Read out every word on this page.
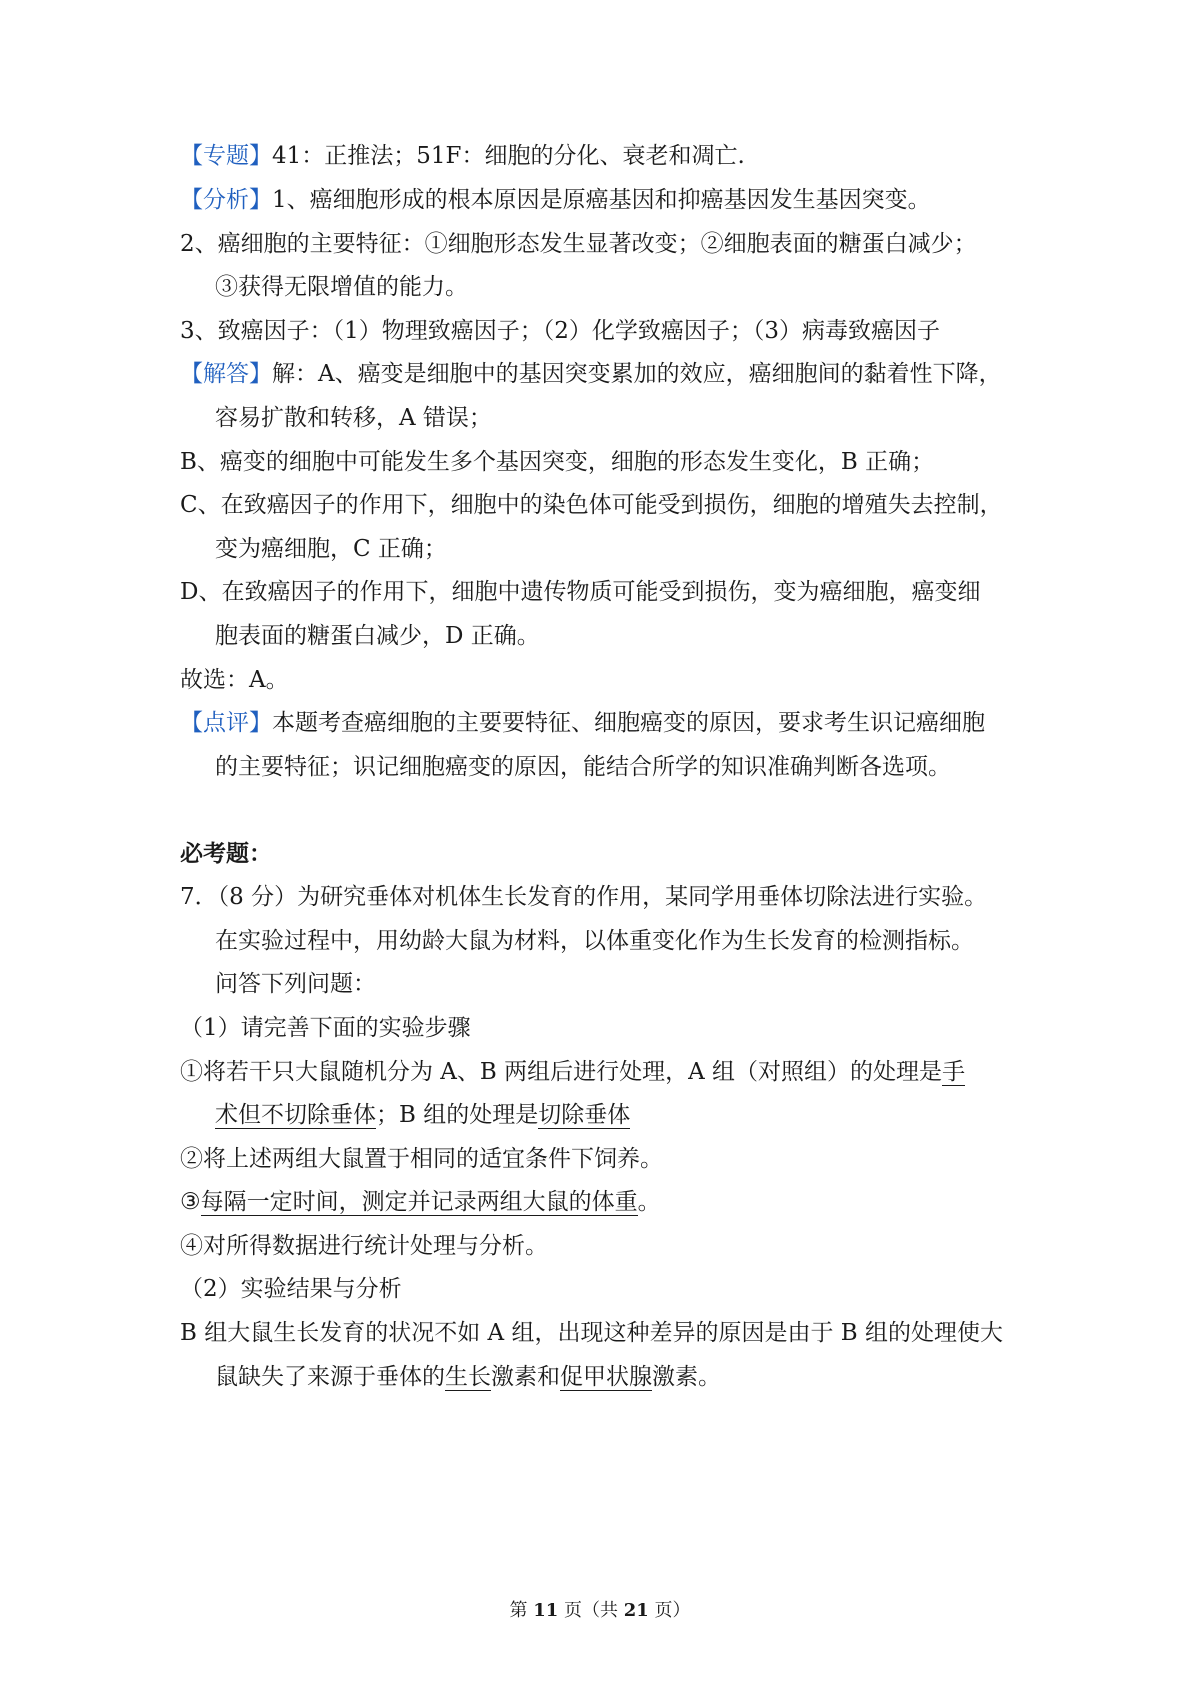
【专题】41：正推法；51F：细胞的分化、衰老和凋亡.
【分析】1、癌细胞形成的根本原因是原癌基因和抑癌基因发生基因突变。
2、癌细胞的主要特征：①细胞形态发生显著改变；②细胞表面的糖蛋白减少；
③获得无限增值的能力。
3、致癌因子：（1）物理致癌因子；（2）化学致癌因子；（3）病毒致癌因子
【解答】解：A、癌变是细胞中的基因突变累加的效应，癌细胞间的黏着性下降，
容易扩散和转移，A 错误；
B、癌变的细胞中可能发生多个基因突变，细胞的形态发生变化，B 正确；
C、在致癌因子的作用下，细胞中的染色体可能受到损伤，细胞的增殖失去控制，
变为癌细胞，C 正确；
D、在致癌因子的作用下，细胞中遗传物质可能受到损伤，变为癌细胞，癌变细
胞表面的糖蛋白减少，D 正确。
故选：A。
【点评】本题考查癌细胞的主要要特征、细胞癌变的原因，要求考生识记癌细胞
的主要特征；识记细胞癌变的原因，能结合所学的知识准确判断各选项。
必考题：
7．（8 分）为研究垂体对机体生长发育的作用，某同学用垂体切除法进行实验。
在实验过程中，用幼龄大鼠为材料，以体重变化作为生长发育的检测指标。
问答下列问题：
（1）请完善下面的实验步骤
①将若干只大鼠随机分为 A、B 两组后进行处理，A 组（对照组）的处理是手
术但不切除垂体；B 组的处理是切除垂体
②将上述两组大鼠置于相同的适宜条件下饲养。
③每隔一定时间，测定并记录两组大鼠的体重。
④对所得数据进行统计处理与分析。
（2）实验结果与分析
B 组大鼠生长发育的状况不如 A 组，出现这种差异的原因是由于 B 组的处理使大
鼠缺失了来源于垂体的生长激素和促甲状腺激素。
第 11 页（共 21 页）
